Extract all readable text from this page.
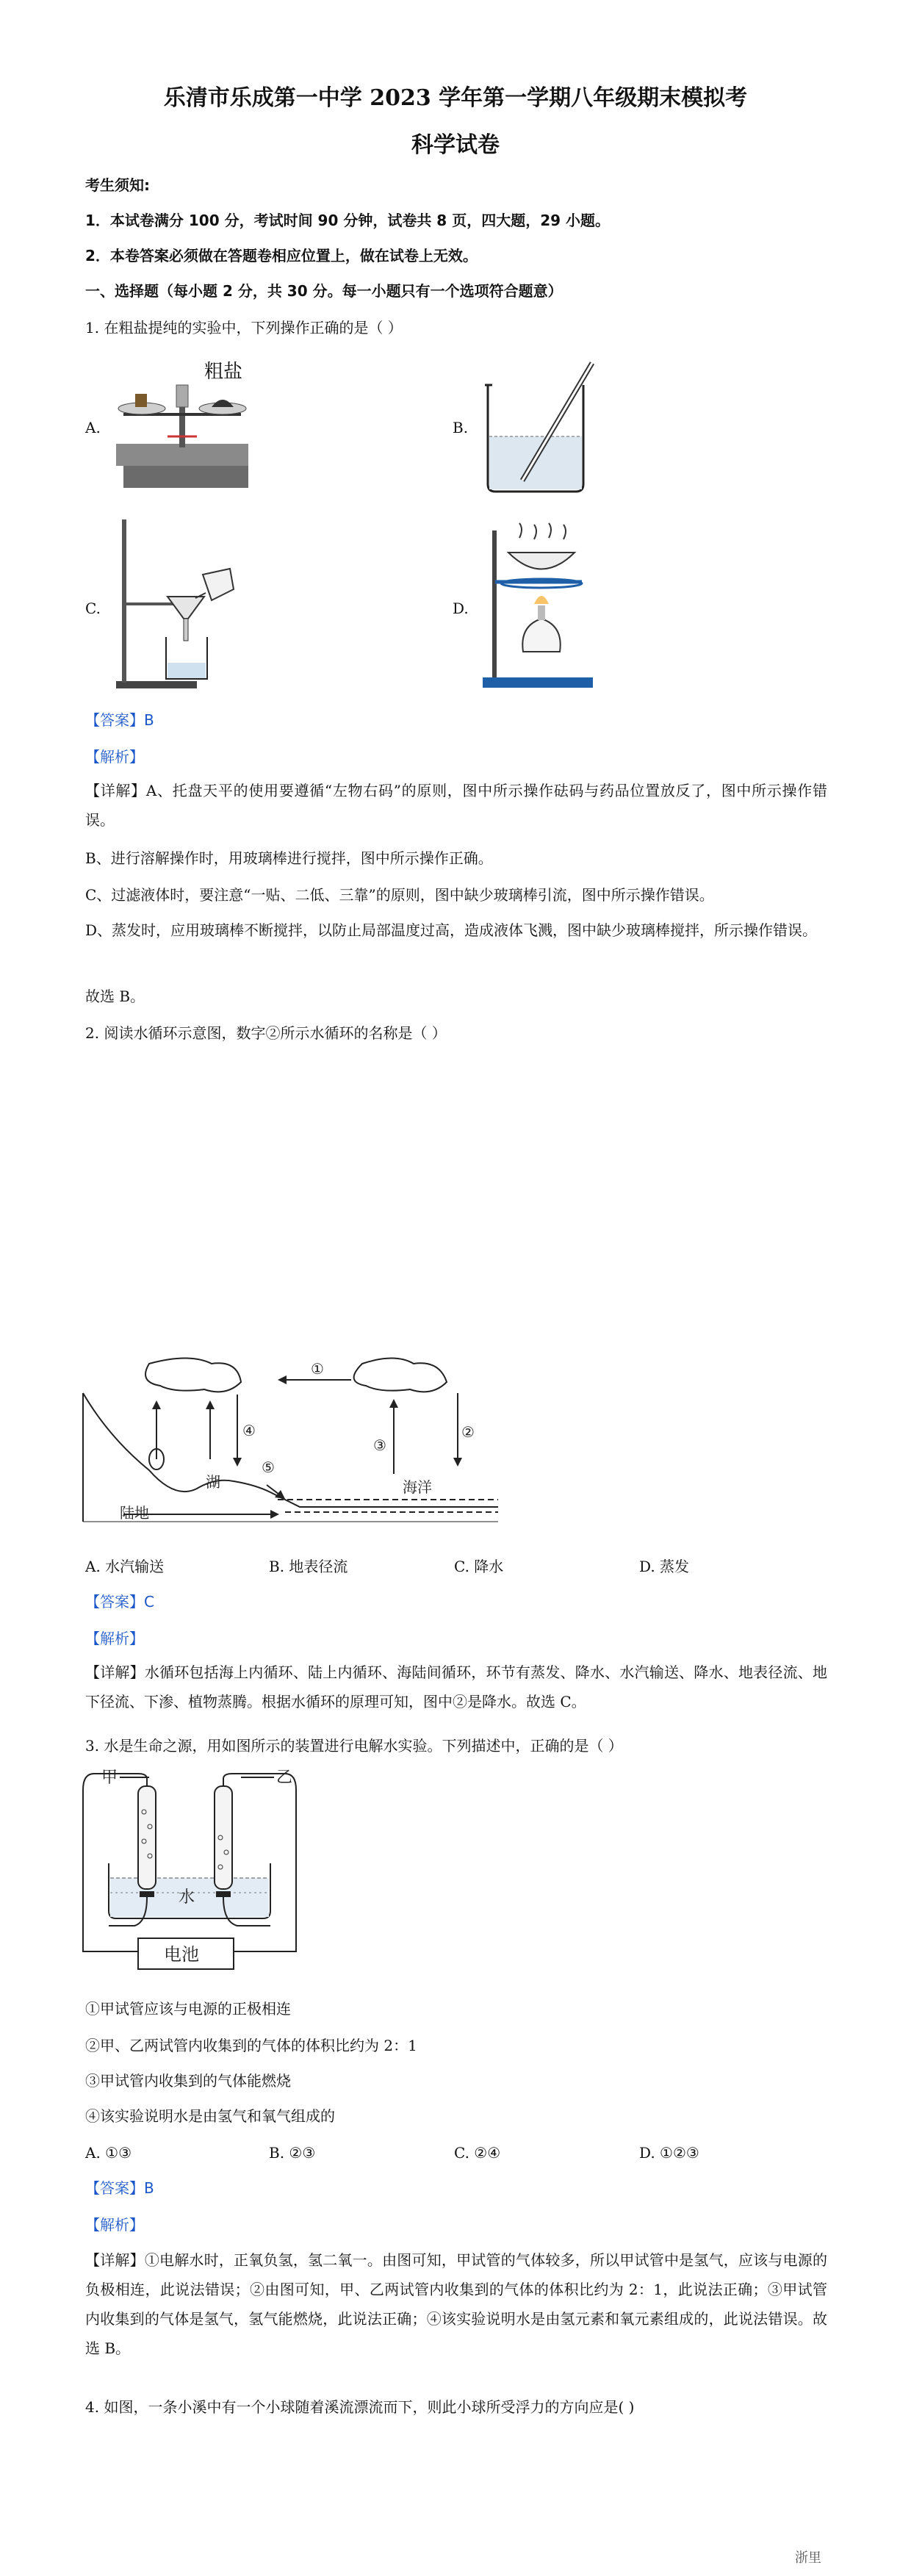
乐清市乐成第一中学 2023 学年第一学期八年级期末模拟考
科学试卷
考生须知:
1．本试卷满分 100 分，考试时间 90 分钟，试卷共 8 页，四大题，29 小题。
2．本卷答案必须做在答题卷相应位置上，做在试卷上无效。
一、选择题（每小题 2 分，共 30 分。每一小题只有一个选项符合题意）
1. 在粗盐提纯的实验中，下列操作正确的是（ ）
A.
粗盐
B.
C.	D.
【答案】B
【解析】
【详解】A、托盘天平的使用要遵循“左物右码”的原则，图中所示操作砝码与药品位置放反了，图中所示操作错误。
B、进行溶解操作时，用玻璃棒进行搅拌，图中所示操作正确。
C、过滤液体时，要注意“一贴、二低、三靠”的原则，图中缺少玻璃棒引流，图中所示操作错误。
D、蒸发时，应用玻璃棒不断搅拌，以防止局部温度过高，造成液体飞溅，图中缺少玻璃棒搅拌，所示操作错误。
故选 B。
2. 阅读水循环示意图，数字②所示水循环的名称是（ ）
①
②
③
④
⑤
湖	海洋
陆地
A. 水汽输送	B. 地表径流	C. 降水	D. 蒸发
【答案】C
【解析】
【详解】水循环包括海上内循环、陆上内循环、海陆间循环，环节有蒸发、降水、水汽输送、降水、地表径流、地下径流、下渗、植物蒸腾。根据水循环的原理可知，图中②是降水。故选 C。
3. 水是生命之源，用如图所示的装置进行电解水实验。下列描述中，正确的是（ ）
甲	乙
水
电池
①甲试管应该与电源的正极相连
②甲、乙两试管内收集到的气体的体积比约为 2：1
③甲试管内收集到的气体能燃烧
④该实验说明水是由氢气和氧气组成的
A. ①③	B. ②③	C. ②④	D. ①②③
【答案】B
【解析】
【详解】①电解水时，正氧负氢，氢二氧一。由图可知，甲试管的气体较多，所以甲试管中是氢气，应该与电源的负极相连，此说法错误；②由图可知，甲、乙两试管内收集到的气体的体积比约为 2：1，此说法正确；③甲试管内收集到的气体是氢气，氢气能燃烧，此说法正确；④该实验说明水是由氢元素和氧元素组成的，此说法错误。故选 B。
4. 如图，一条小溪中有一个小球随着溪流漂流而下，则此小球所受浮力的方向应是( )
浙里
